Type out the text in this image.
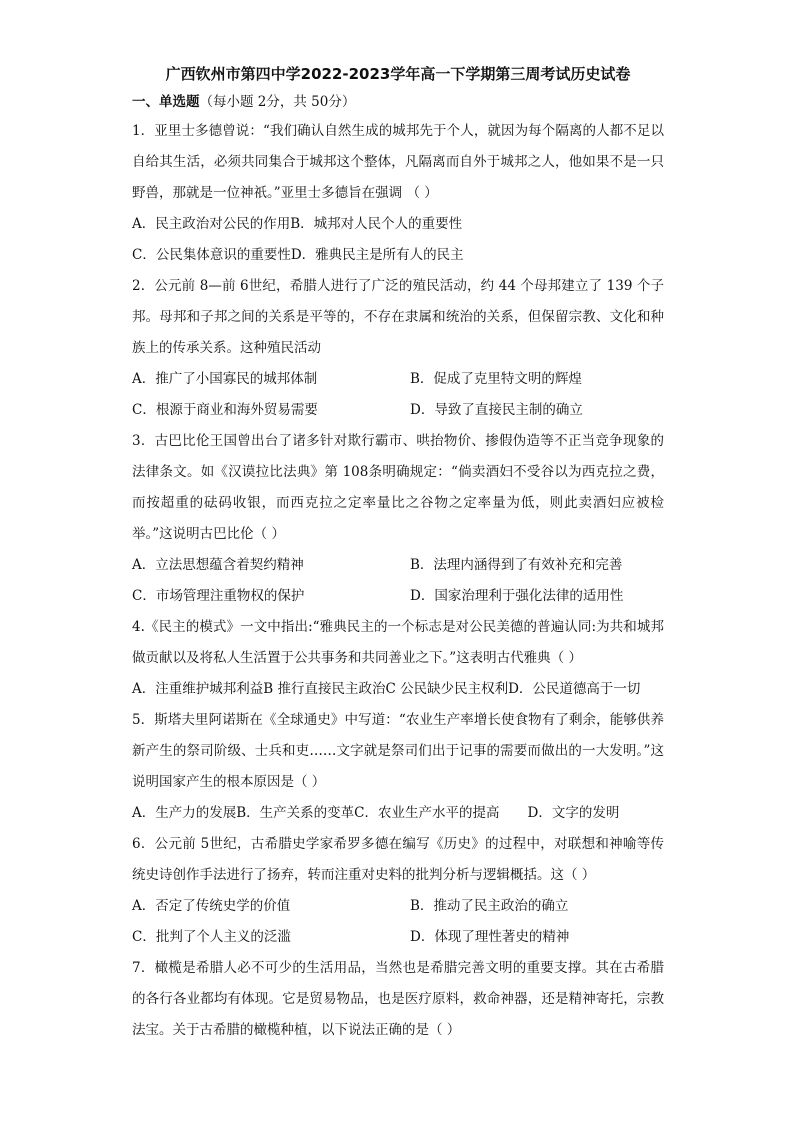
广西钦州市第四中学2022-2023学年高一下学期第三周考试历史试卷
一、单选题（每小题 2分，共 50分）

1．亚里士多德曾说：“我们确认自然生成的城邦先于个人，就因为每个隔离的人都不足以自给其生活，必须共同集合于城邦这个整体，凡隔离而自外于城邦之人，他如果不是一只野兽，那就是一位神祇。”亚里士多德旨在强调 （ ）

A．民主政治对公民的作用B．城邦对人民个人的重要性
C．公民集体意识的重要性D．雅典民主是所有人的民主

2．公元前 8—前 6世纪，希腊人进行了广泛的殖民活动，约 44 个母邦建立了 139 个子邦。母邦和子邦之间的关系是平等的，不存在隶属和统治的关系，但保留宗教、文化和种族上的传承关系。这种殖民活动

A．推广了小国寡民的城邦体制	B．促成了克里特文明的辉煌
C．根源于商业和海外贸易需要	D．导致了直接民主制的确立

3．古巴比伦王国曾出台了诸多针对欺行霸市、哄抬物价、掺假伪造等不正当竞争现象的法律条文。如《汉谟拉比法典》第 108条明确规定：“倘卖酒妇不受谷以为西克拉之费，而按超重的砝码收银，而西克拉之定率量比之谷物之定率量为低，则此卖酒妇应被检举。”这说明古巴比伦（ ）

A．立法思想蕴含着契约精神	B．法理内涵得到了有效补充和完善
C．市场管理注重物权的保护	D．国家治理利于强化法律的适用性

4.《民主的模式》一文中指出:“雅典民主的一个标志是对公民美德的普遍认同:为共和城邦做贡献以及将私人生活置于公共事务和共同善业之下。”这表明古代雅典（ ）

A．注重维护城邦利益B 推行直接民主政治C 公民缺少民主权利D．公民道德高于一切

5．斯塔夫里阿诺斯在《全球通史》中写道：“农业生产率增长使食物有了剩余，能够供养新产生的祭司阶级、士兵和吏……文字就是祭司们出于记事的需要而做出的一大发明。”这说明国家产生的根本原因是（ ）

A．生产力的发展B．生产关系的变革C．农业生产水平的提高 D．文字的发明

6．公元前 5世纪，古希腊史学家希罗多德在编写《历史》的过程中，对联想和神喻等传统史诗创作手法进行了扬弃，转而注重对史料的批判分析与逻辑概括。这（ ）

A．否定了传统史学的价值	B．推动了民主政治的确立
C．批判了个人主义的泛滥	D．体现了理性著史的精神

7．橄榄是希腊人必不可少的生活用品，当然也是希腊完善文明的重要支撑。其在古希腊的各行各业都均有体现。它是贸易物品，也是医疗原料，救命神器，还是精神寄托，宗教法宝。关于古希腊的橄榄种植，以下说法正确的是（ ）
